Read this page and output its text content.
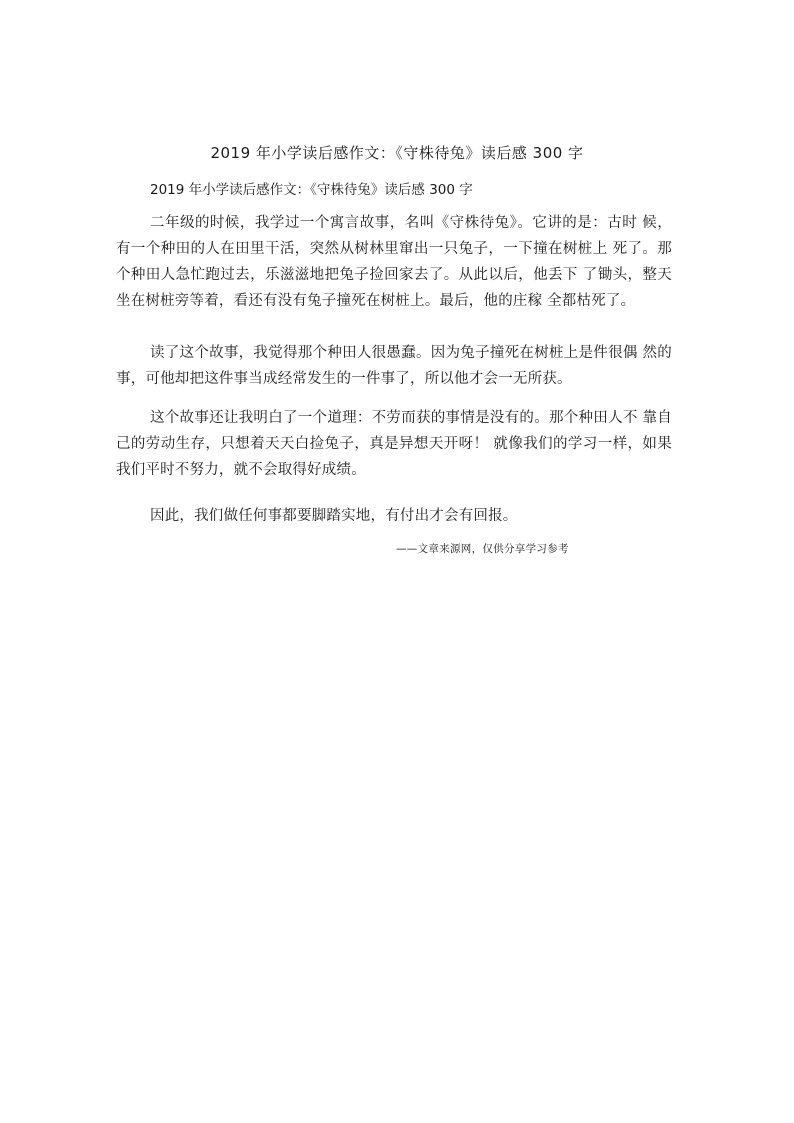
2019 年小学读后感作文：《守株待兔》读后感 300 字
2019 年小学读后感作文：《守株待兔》读后感 300 字

二年级的时候，我学过一个寓言故事，名叫《守株待兔》。它讲的是：古时 候，有一个种田的人在田里干活，突然从树林里窜出一只兔子，一下撞在树桩上 死了。那个种田人急忙跑过去，乐滋滋地把兔子捡回家去了。从此以后，他丢下 了锄头，整天坐在树桩旁等着，看还有没有兔子撞死在树桩上。最后，他的庄稼 全都枯死了。

读了这个故事，我觉得那个种田人很愚蠢。因为兔子撞死在树桩上是件很偶 然的事，可他却把这件事当成经常发生的一件事了，所以他才会一无所获。

这个故事还让我明白了一个道理：不劳而获的事情是没有的。那个种田人不 靠自己的劳动生存，只想着天天白捡兔子，真是异想天开呀！ 就像我们的学习一样，如果我们平时不努力，就不会取得好成绩。

因此，我们做任何事都要脚踏实地，有付出才会有回报。

——文章来源网，仅供分享学习参考
